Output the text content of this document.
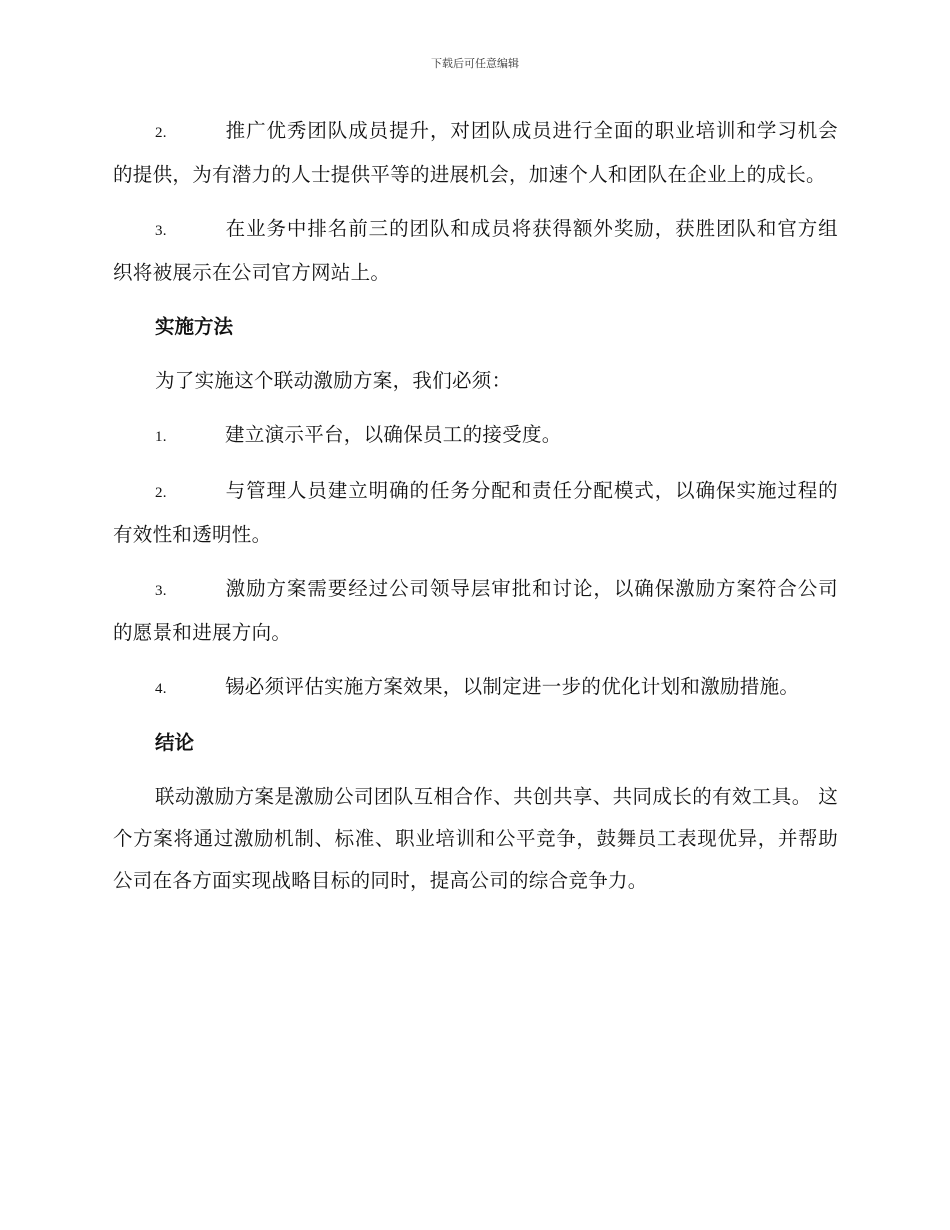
下载后可任意编辑

2.	推广优秀团队成员提升，对团队成员进行全面的职业培训和学习机会的提供，为有潜力的人士提供平等的进展机会，加速个人和团队在企业上的成长。

3.	在业务中排名前三的团队和成员将获得额外奖励，获胜团队和官方组织将被展示在公司官方网站上。

实施方法

为了实施这个联动激励方案，我们必须：

1.	建立演示平台，以确保员工的接受度。

2.	与管理人员建立明确的任务分配和责任分配模式，以确保实施过程的有效性和透明性。

3.	激励方案需要经过公司领导层审批和讨论，以确保激励方案符合公司的愿景和进展方向。

4.	锡必须评估实施方案效果，以制定进一步的优化计划和激励措施。

结论

联动激励方案是激励公司团队互相合作、共创共享、共同成长的有效工具。 这个方案将通过激励机制、标准、职业培训和公平竞争，鼓舞员工表现优异，并帮助公司在各方面实现战略目标的同时，提高公司的综合竞争力。
